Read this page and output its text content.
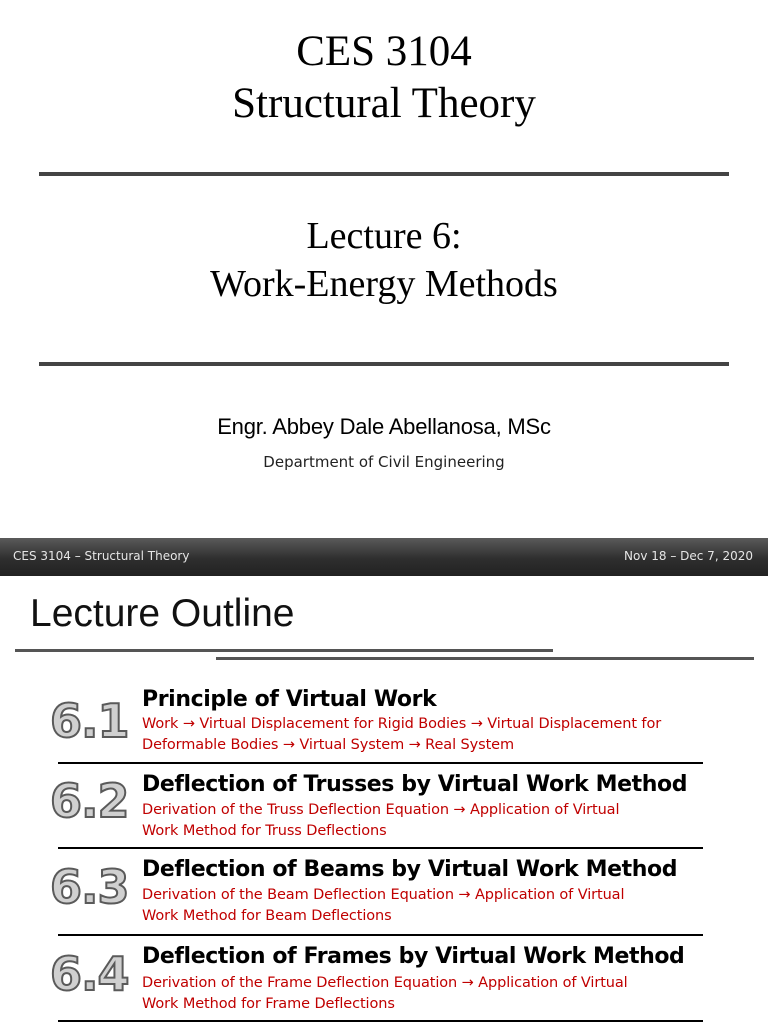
CES 3104
Structural Theory
Lecture 6:
Work-Energy Methods
Engr. Abbey Dale Abellanosa, MSc
Department of Civil Engineering
CES 3104 – Structural Theory	Nov 18 – Dec 7, 2020
Lecture Outline
6.1 Principle of Virtual Work
Work → Virtual Displacement for Rigid Bodies → Virtual Displacement for
Deformable Bodies → Virtual System → Real System
6.2 Deflection of Trusses by Virtual Work Method
Derivation of the Truss Deflection Equation → Application of Virtual
Work Method for Truss Deflections
6.3 Deflection of Beams by Virtual Work Method
Derivation of the Beam Deflection Equation → Application of Virtual
Work Method for Beam Deflections
6.4 Deflection of Frames by Virtual Work Method
Derivation of the Frame Deflection Equation → Application of Virtual
Work Method for Frame Deflections
